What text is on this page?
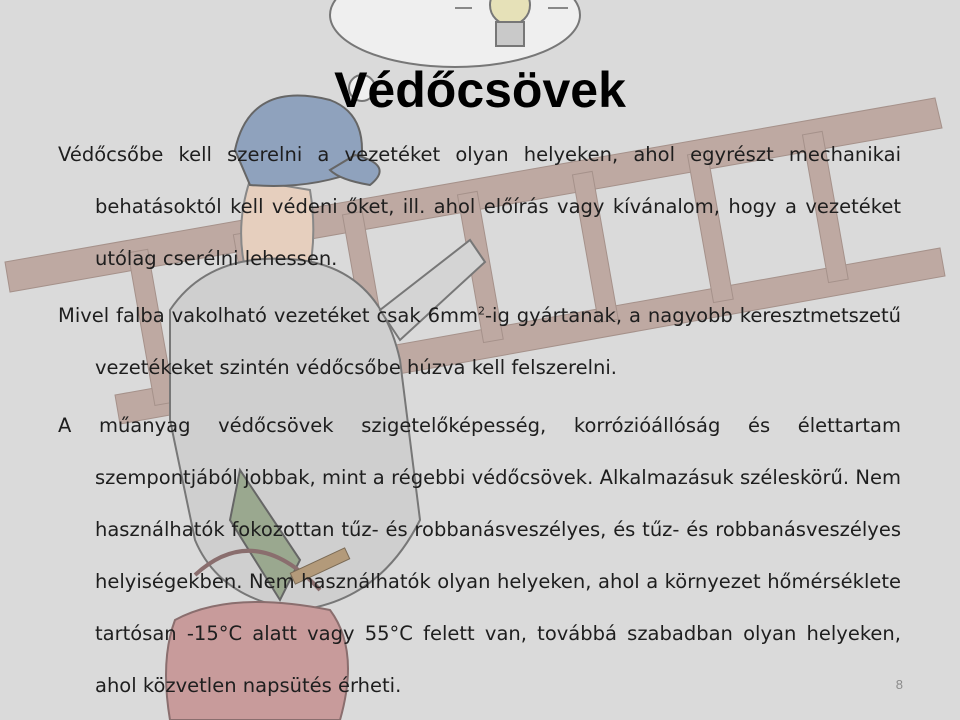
Védőcsövek

Védőcsőbe kell szerelni a vezetéket olyan helyeken, ahol egyrészt mechanikai behatásoktól kell védeni őket, ill. ahol előírás vagy kívánalom, hogy a vezetéket utólag cserélni lehessen.

Mivel falba vakolható vezetéket csak $6mm^2-ig$ gyártanak, a nagyobb keresztmetszetű vezetékeket szintén védőcsőbe húzva kell felszerelni.

A műanyag védőcsövek szigetelőképesség, korrózióállóság és élettartam szempontjából jobbak, mint a régebbi védőcsövek. Alkalmazásuk széleskörű. Nem használhatók fokozottan tűz- és robbanásveszélyes, és tűz- és robbanásveszélyes helyiségekben. Nem használhatók olyan helyeken, ahol a környezet hőmérséklete tartósan -15°C alatt vagy 55°C felett van, továbbá szabadban olyan helyeken, ahol közvetlen napsütés érheti.	8
